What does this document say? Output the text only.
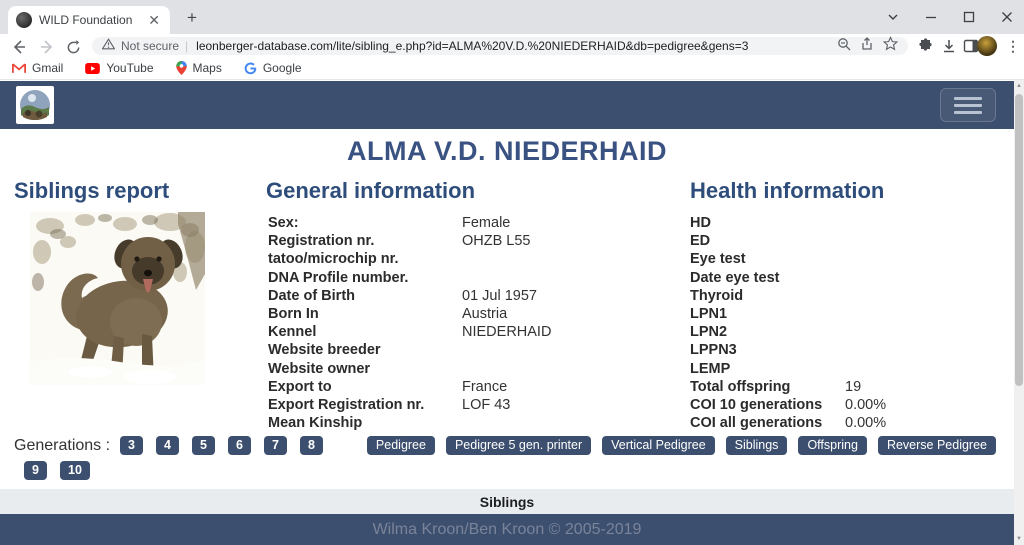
WILD Foundation	✕ +
Not secure | leonberger-database.com/lite/sibling_e.php?id=ALMA%20V.D.%20NIEDERHAID&db=pedigree&gens=3	⋮
Gmail	YouTube	Maps	Google
ALMA V.D. NIEDERHAID
Siblings report	General information	Health information
Sex:	Female
Registration nr.	OHZB L55
tatoo/microchip nr.
DNA Profile number.
Date of Birth	01 Jul 1957
Born In	Austria
Kennel	NIEDERHAID
Website breeder
Website owner
Export to	France
Export Registration nr.	LOF 43
Mean Kinship
HD
ED
Eye test
Date eye test
Thyroid
LPN1
LPN2
LPPN3
LEMP
Total offspring	19
COI 10 generations	0.00%
COI all generations	0.00%
Generations :	3	4	5	6	7	8
9	10
Pedigree	Pedigree 5 gen. printer	Vertical Pedigree	Siblings	Offspring	Reverse Pedigree
Siblings
Wilma Kroon/Ben Kroon © 2005-2019
▲
▼
